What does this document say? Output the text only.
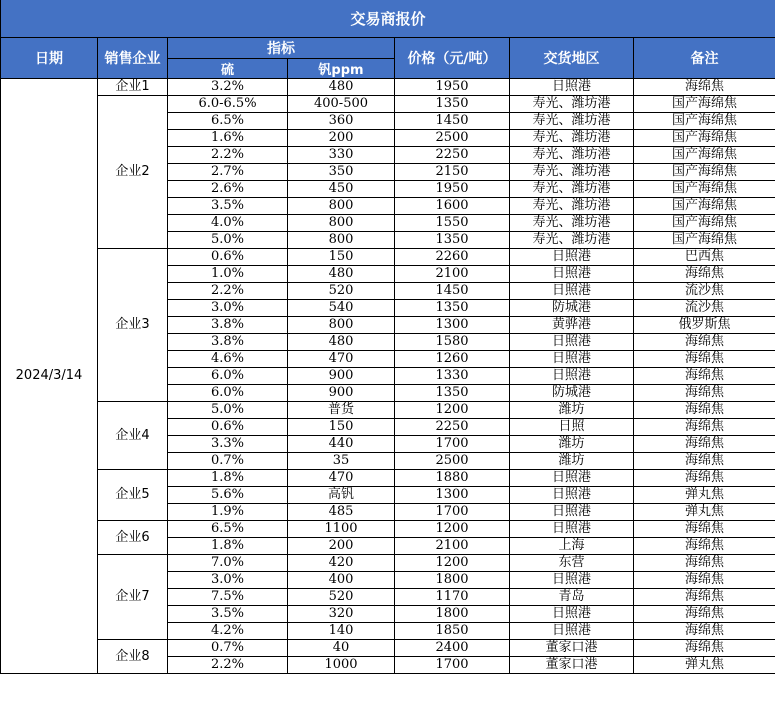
交易商报价						
日期	销售企业	指标		价格（元/吨）	交货地区	备注
		硫	钒ppm			
2024/3/14	企业1	3.2%	480	1950	日照港	海绵焦
	企业2	6.0-6.5%	400-500	1350	寿光、潍坊港	国产海绵焦
		6.5%	360	1450	寿光、潍坊港	国产海绵焦
		1.6%	200	2500	寿光、潍坊港	国产海绵焦
		2.2%	330	2250	寿光、潍坊港	国产海绵焦
		2.7%	350	2150	寿光、潍坊港	国产海绵焦
		2.6%	450	1950	寿光、潍坊港	国产海绵焦
		3.5%	800	1600	寿光、潍坊港	国产海绵焦
		4.0%	800	1550	寿光、潍坊港	国产海绵焦
		5.0%	800	1350	寿光、潍坊港	国产海绵焦
	企业3	0.6%	150	2260	日照港	巴西焦
		1.0%	480	2100	日照港	海绵焦
		2.2%	520	1450	日照港	流沙焦
		3.0%	540	1350	防城港	流沙焦
		3.8%	800	1300	黄骅港	俄罗斯焦
		3.8%	480	1580	日照港	海绵焦
		4.6%	470	1260	日照港	海绵焦
		6.0%	900	1330	日照港	海绵焦
		6.0%	900	1350	防城港	海绵焦
	企业4	5.0%	普货	1200	潍坊	海绵焦
		0.6%	150	2250	日照	海绵焦
		3.3%	440	1700	潍坊	海绵焦
		0.7%	35	2500	潍坊	海绵焦
	企业5	1.8%	470	1880	日照港	海绵焦
		5.6%	高钒	1300	日照港	弹丸焦
		1.9%	485	1700	日照港	弹丸焦
	企业6	6.5%	1100	1200	日照港	海绵焦
		1.8%	200	2100	上海	海绵焦
	企业7	7.0%	420	1200	东营	海绵焦
		3.0%	400	1800	日照港	海绵焦
		7.5%	520	1170	青岛	海绵焦
		3.5%	320	1800	日照港	海绵焦
		4.2%	140	1850	日照港	海绵焦
	企业8	0.7%	40	2400	董家口港	海绵焦
		2.2%	1000	1700	董家口港	弹丸焦
